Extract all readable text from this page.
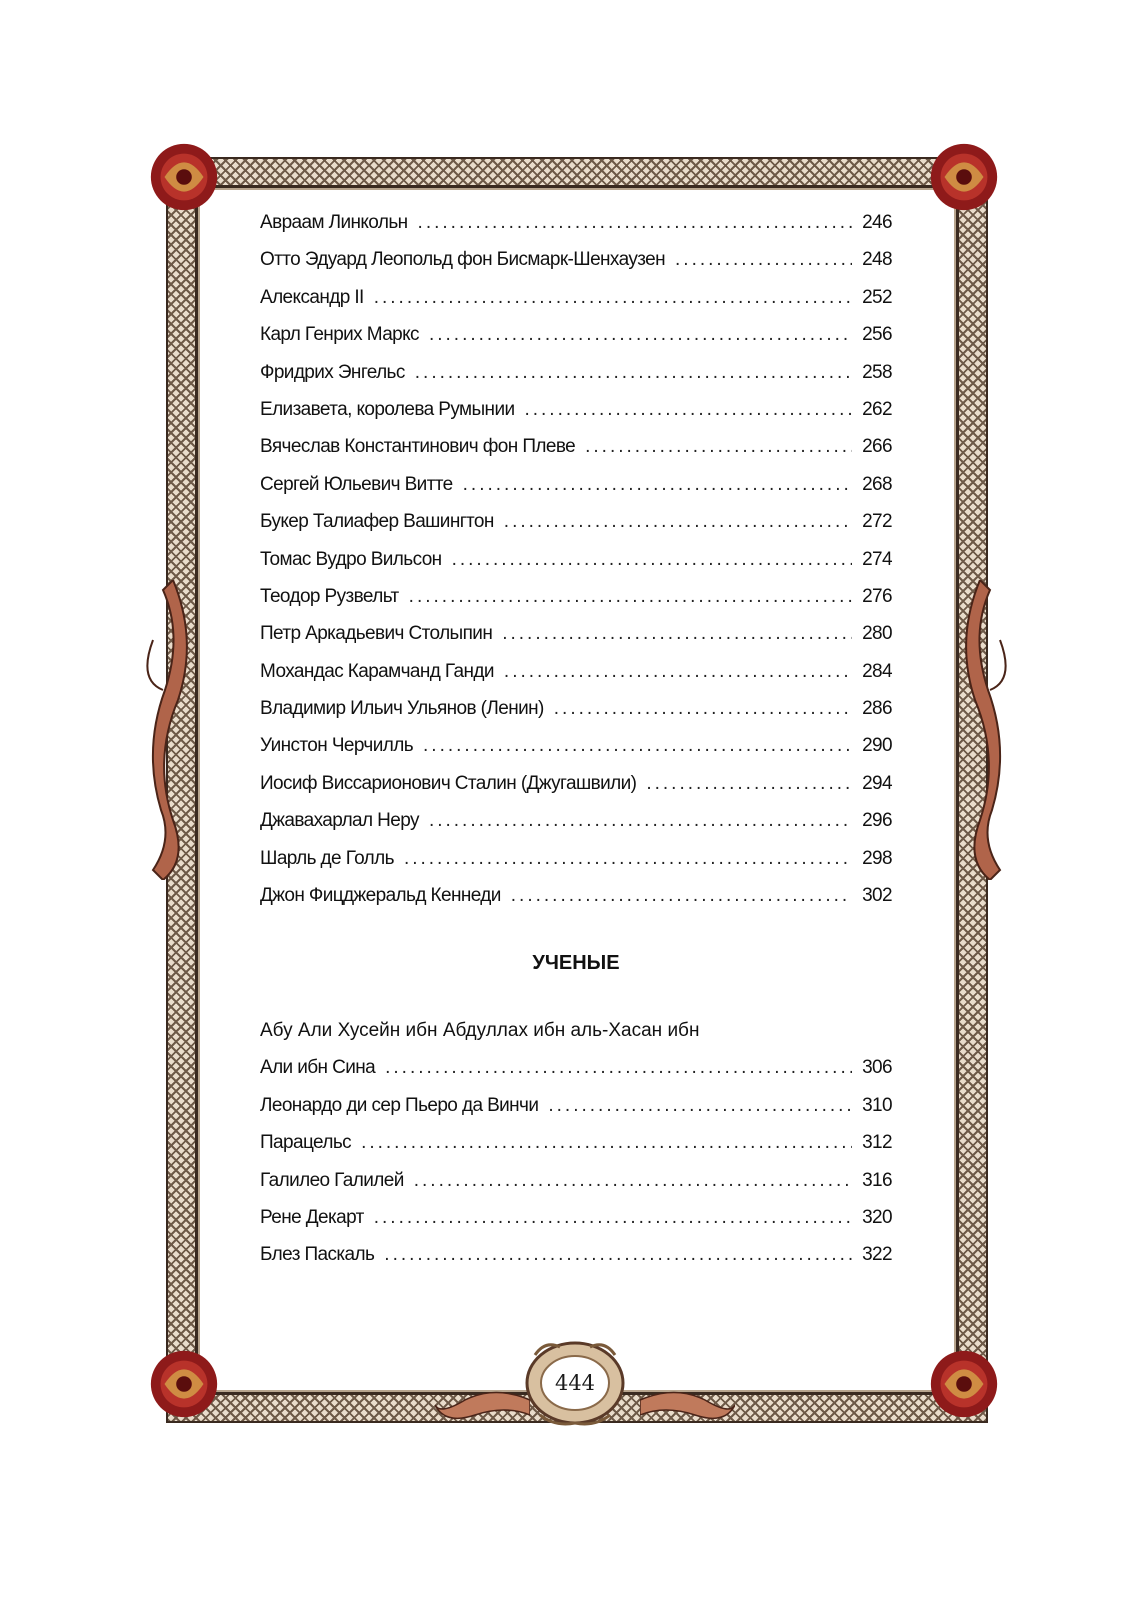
444
Авраам Линкольн .....	246
Отто Эдуард Леопольд фон Бисмарк-Шенхаузен .....	248
Александр II .....	252
Карл Генрих Маркс .....	256
Фридрих Энгельс .....	258
Елизавета, королева Румынии .....	262
Вячеслав Константинович фон Плеве .....	266
Сергей Юльевич Витте .....	268
Букер Талиафер Вашингтон .....	272
Томас Вудро Вильсон .....	274
Теодор Рузвельт .....	276
Петр Аркадьевич Столыпин .....	280
Мохандас Карамчанд Ганди .....	284
Владимир Ильич Ульянов (Ленин) .....	286
Уинстон Черчилль .....	290
Иосиф Виссарионович Сталин (Джугашвили) .....	294
Джавахарлал Неру .....	296
Шарль де Голль .....	298
Джон Фицджеральд Кеннеди .....	302
УЧЕНЫЕ
Абу Али Хусейн ибн Абдуллах ибн аль-Хасан ибн
Али ибн Сина .....	306
Леонардо ди сер Пьеро да Винчи .....	310
Парацельс .....	312
Галилео Галилей .....	316
Рене Декарт .....	320
Блез Паскаль .....	322
